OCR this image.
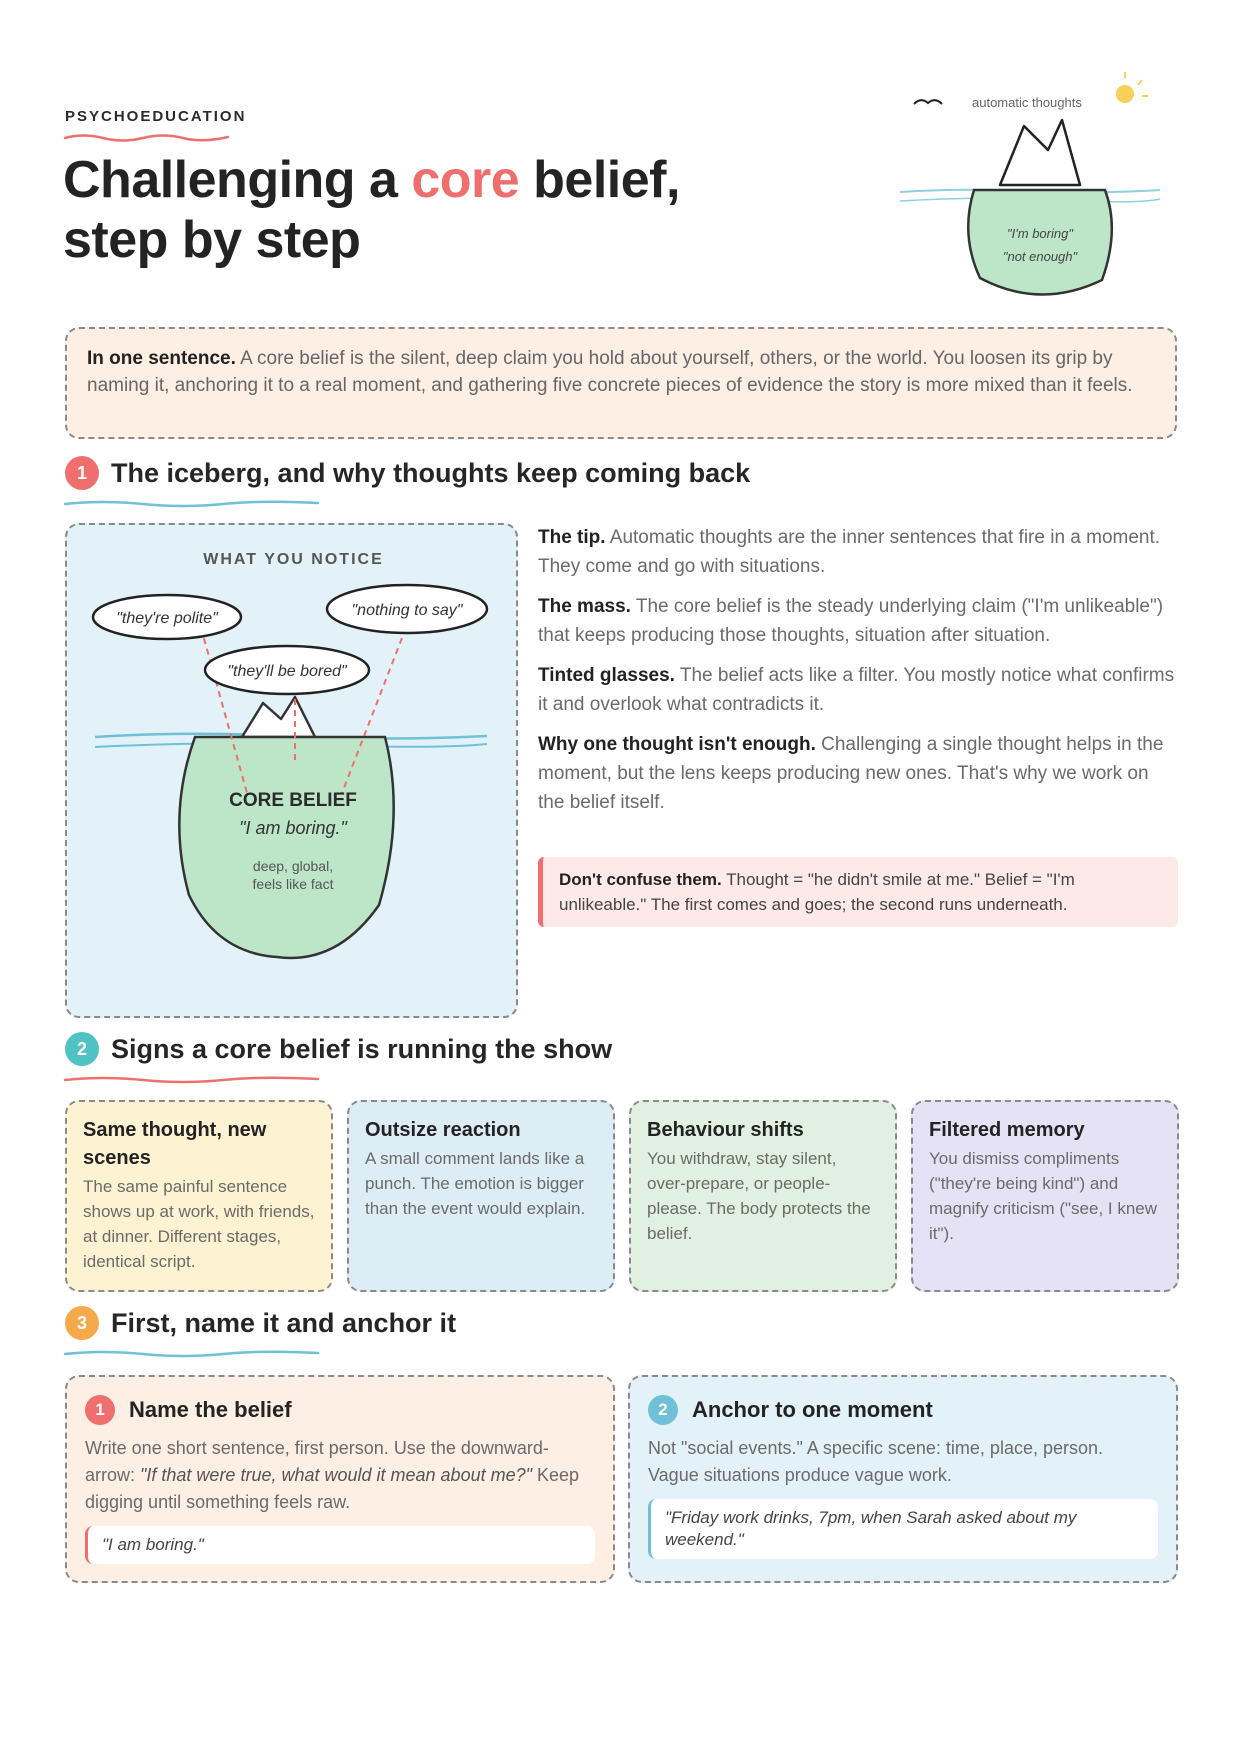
PSYCHOEDUCATION
Challenging a core belief,
step by step
automatic thoughts
"I'm boring"
"not enough"
In one sentence. A core belief is the silent, deep claim you hold about yourself, others, or the world. You loosen its grip by naming it, anchoring it to a real moment, and gathering five concrete pieces of evidence the story is more mixed than it feels.
1 The iceberg, and why thoughts keep coming back
WHAT YOU NOTICE
"they're polite"	"nothing to say"
"they'll be bored"
CORE BELIEF
"I am boring."
deep, global,
feels like fact

The tip. Automatic thoughts are the inner sentences that fire in a moment. They come and go with situations.

The mass. The core belief is the steady underlying claim ("I'm unlikeable") that keeps producing those thoughts, situation after situation.

Tinted glasses. The belief acts like a filter. You mostly notice what confirms it and overlook what contradicts it.

Why one thought isn't enough. Challenging a single thought helps in the moment, but the lens keeps producing new ones. That's why we work on the belief itself.

Don't confuse them. Thought = "he didn't smile at me." Belief = "I'm unlikeable." The first comes and goes; the second runs underneath.
2 Signs a core belief is running the show
Same thought, new scenes
The same painful sentence shows up at work, with friends, at dinner. Different stages, identical script.
Outsize reaction
A small comment lands like a punch. The emotion is bigger than the event would explain.
Behaviour shifts
You withdraw, stay silent, over-prepare, or people-please. The body protects the belief.
Filtered memory
You dismiss compliments ("they're being kind") and magnify criticism ("see, I knew it").
3 First, name it and anchor it
1	Name the belief
Write one short sentence, first person. Use the downward-arrow: "If that were true, what would it mean about me?" Keep digging until something feels raw.
"I am boring."
2	Anchor to one moment
Not "social events." A specific scene: time, place, person. Vague situations produce vague work.
"Friday work drinks, 7pm, when Sarah asked about my weekend."
